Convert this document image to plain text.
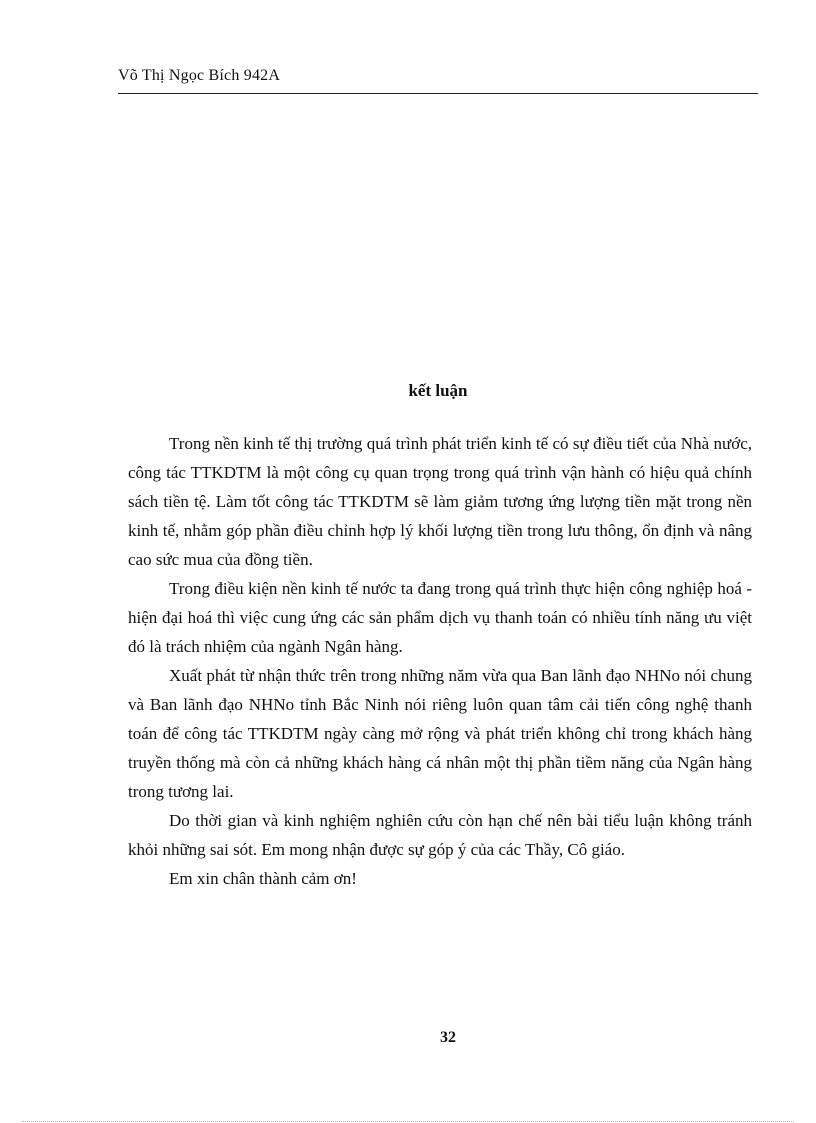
Võ Thị Ngọc Bích 942A
kết luận

Trong nền kinh tế thị trường quá trình phát triển kinh tế có sự điều tiết của Nhà nước, công tác TTKDTM là một công cụ quan trọng trong quá trình vận hành có hiệu quả chính sách tiền tệ. Làm tốt công tác TTKDTM sẽ làm giảm tương ứng lượng tiền mặt trong nền kinh tế, nhằm góp phần điều chỉnh hợp lý khối lượng tiền trong lưu thông, ổn định và nâng cao sức mua của đồng tiền.

Trong điều kiện nền kinh tế nước ta đang trong quá trình thực hiện công nghiệp hoá - hiện đại hoá thì việc cung ứng các sản phẩm dịch vụ thanh toán có nhiều tính năng ưu việt đó là trách nhiệm của ngành Ngân hàng.

Xuất phát từ nhận thức trên trong những năm vừa qua Ban lãnh đạo NHNo nói chung và Ban lãnh đạo NHNo tỉnh Bắc Ninh nói riêng luôn quan tâm cải tiến công nghệ thanh toán để công tác TTKDTM ngày càng mở rộng và phát triển không chỉ trong khách hàng truyền thống mà còn cả những khách hàng cá nhân một thị phần tiềm năng của Ngân hàng trong tương lai.

Do thời gian và kinh nghiệm nghiên cứu còn hạn chế nên bài tiểu luận không tránh khỏi những sai sót. Em mong nhận được sự góp ý của các Thầy, Cô giáo.

Em xin chân thành cảm ơn!

32
